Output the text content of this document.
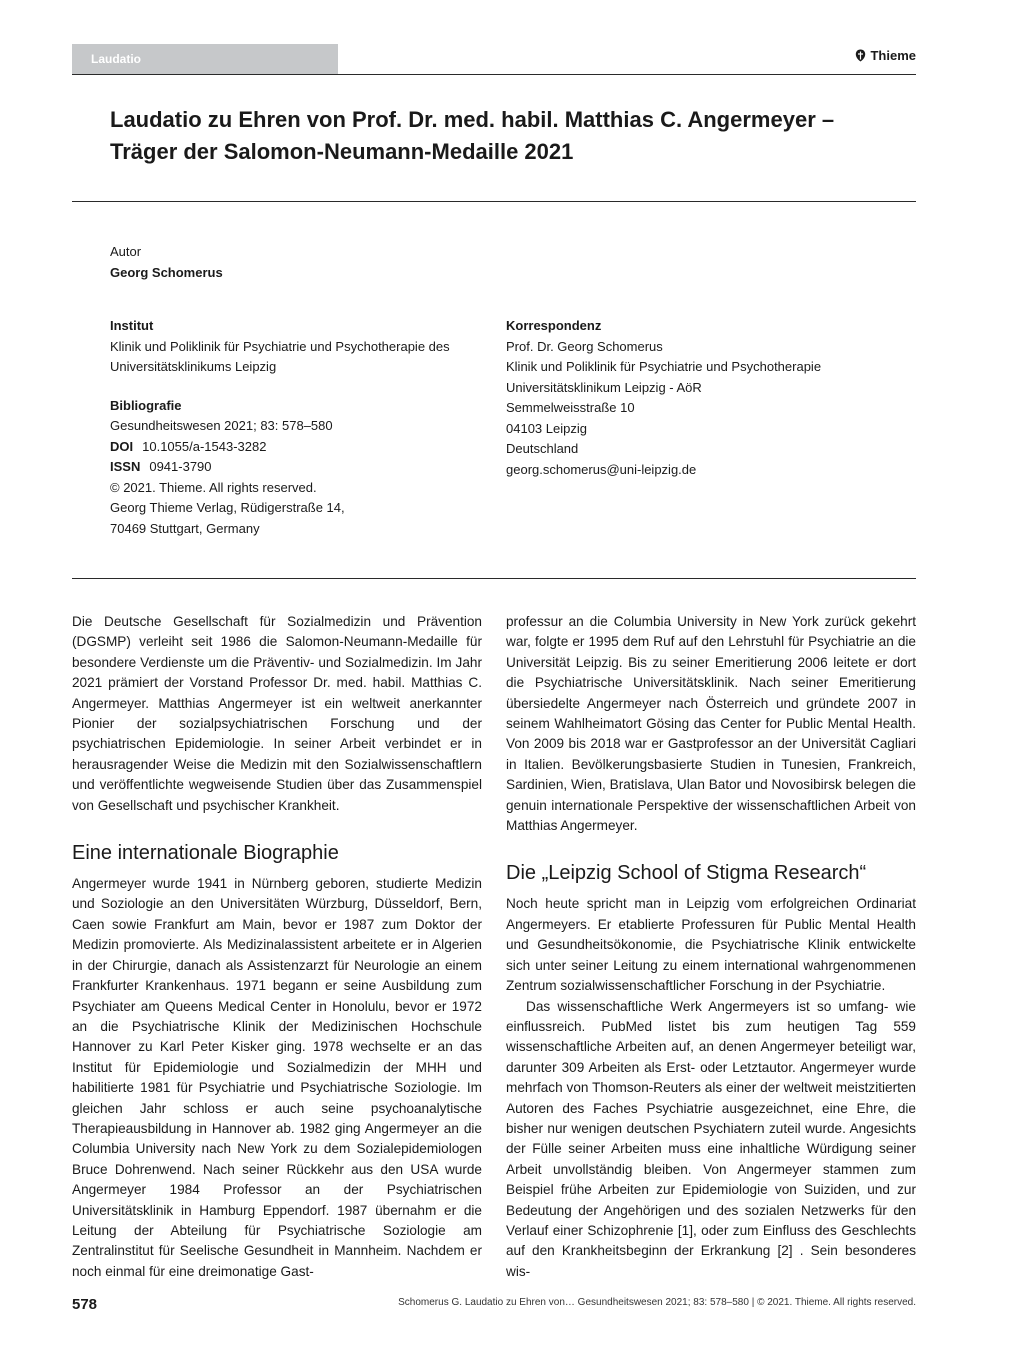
Laudatio	Thieme
Laudatio zu Ehren von Prof. Dr. med. habil. Matthias C. Angermeyer – Träger der Salomon-Neumann-Medaille 2021
Autor
Georg Schomerus
Institut
Klinik und Poliklinik für Psychiatrie und Psychotherapie des
Universitätsklinikums Leipzig
Bibliografie
Gesundheitswesen 2021; 83: 578–580
DOI 10.1055/a-1543-3282
ISSN 0941-3790
© 2021. Thieme. All rights reserved.
Georg Thieme Verlag, Rüdigerstraße 14,
70469 Stuttgart, Germany
Korrespondenz
Prof. Dr. Georg Schomerus
Klinik und Poliklinik für Psychiatrie und Psychotherapie
Universitätsklinikum Leipzig - AöR
Semmelweisstraße 10
04103 Leipzig
Deutschland
georg.schomerus@uni-leipzig.de

Die Deutsche Gesellschaft für Sozialmedizin und Prävention (DGSMP) verleiht seit 1986 die Salomon-Neumann-Medaille für besondere Verdienste um die Präventiv- und Sozialmedizin. Im Jahr 2021 prämiert der Vorstand Professor Dr. med. habil. Matthias C. Angermeyer. Matthias Angermeyer ist ein weltweit anerkannter Pionier der sozialpsychiatrischen Forschung und der psychiatrischen Epidemiologie. In seiner Arbeit verbindet er in herausragender Weise die Medizin mit den Sozialwissenschaftlern und veröffentlichte wegweisende Studien über das Zusammenspiel von Gesellschaft und psychischer Krankheit.

Eine internationale Biographie

Angermeyer wurde 1941 in Nürnberg geboren, studierte Medizin und Soziologie an den Universitäten Würzburg, Düsseldorf, Bern, Caen sowie Frankfurt am Main, bevor er 1987 zum Doktor der Medizin promovierte. Als Medizinalassistent arbeitete er in Algerien in der Chirurgie, danach als Assistenzarzt für Neurologie an einem Frankfurter Krankenhaus. 1971 begann er seine Ausbildung zum Psychiater am Queens Medical Center in Honolulu, bevor er 1972 an die Psychiatrische Klinik der Medizinischen Hochschule Hannover zu Karl Peter Kisker ging. 1978 wechselte er an das Institut für Epidemiologie und Sozialmedizin der MHH und habilitierte 1981 für Psychiatrie und Psychiatrische Soziologie. Im gleichen Jahr schloss er auch seine psychoanalytische Therapieausbildung in Hannover ab. 1982 ging Angermeyer an die Columbia University nach New York zu dem Sozialepidemiologen Bruce Dohrenwend. Nach seiner Rückkehr aus den USA wurde Angermeyer 1984 Professor an der Psychiatrischen Universitätsklinik in Hamburg Eppendorf. 1987 übernahm er die Leitung der Abteilung für Psychiatrische Soziologie am Zentralinstitut für Seelische Gesundheit in Mannheim. Nachdem er noch einmal für eine dreimonatige Gast-

professur an die Columbia University in New York zurück gekehrt war, folgte er 1995 dem Ruf auf den Lehrstuhl für Psychiatrie an die Universität Leipzig. Bis zu seiner Emeritierung 2006 leitete er dort die Psychiatrische Universitätsklinik. Nach seiner Emeritierung übersiedelte Angermeyer nach Österreich und gründete 2007 in seinem Wahlheimatort Gösing das Center for Public Mental Health. Von 2009 bis 2018 war er Gastprofessor an der Universität Cagliari in Italien. Bevölkerungsbasierte Studien in Tunesien, Frankreich, Sardinien, Wien, Bratislava, Ulan Bator und Novosibirsk belegen die genuin internationale Perspektive der wissenschaftlichen Arbeit von Matthias Angermeyer.

Die „Leipzig School of Stigma Research“

Noch heute spricht man in Leipzig vom erfolgreichen Ordinariat Angermeyers. Er etablierte Professuren für Public Mental Health und Gesundheitsökonomie, die Psychiatrische Klinik entwickelte sich unter seiner Leitung zu einem international wahrgenommenen Zentrum sozialwissenschaftlicher Forschung in der Psychiatrie.

Das wissenschaftliche Werk Angermeyers ist so umfang- wie einflussreich. PubMed listet bis zum heutigen Tag 559 wissenschaftliche Arbeiten auf, an denen Angermeyer beteiligt war, darunter 309 Arbeiten als Erst- oder Letztautor. Angermeyer wurde mehrfach von Thomson-Reuters als einer der weltweit meistzitierten Autoren des Faches Psychiatrie ausgezeichnet, eine Ehre, die bisher nur wenigen deutschen Psychiatern zuteil wurde. Angesichts der Fülle seiner Arbeiten muss eine inhaltliche Würdigung seiner Arbeit unvollständig bleiben. Von Angermeyer stammen zum Beispiel frühe Arbeiten zur Epidemiologie von Suiziden, und zur Bedeutung der Angehörigen und des sozialen Netzwerks für den Verlauf einer Schizophrenie [1], oder zum Einfluss des Geschlechts auf den Krankheitsbeginn der Erkrankung [2] . Sein besonderes wis-

578	Schomerus G. Laudatio zu Ehren von… Gesundheitswesen 2021; 83: 578–580 | © 2021. Thieme. All rights reserved.
